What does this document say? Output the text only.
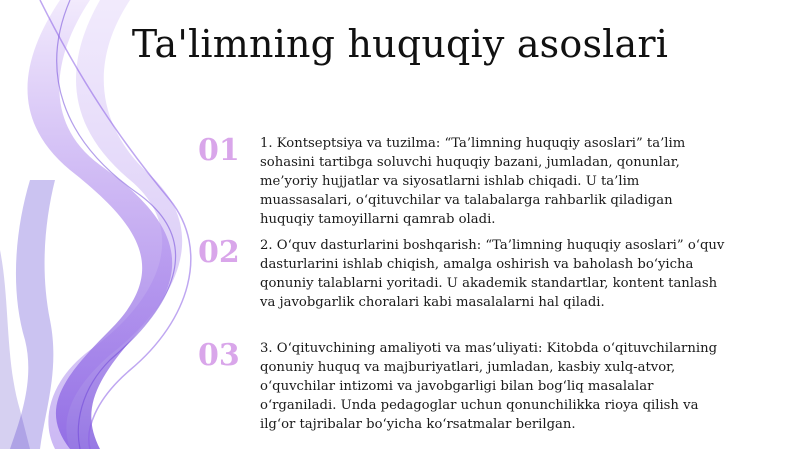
Ta'limning huquqiy asoslari
01	1. Kontseptsiya va tuzilma: “Ta’limning huquqiy asoslari” ta’lim sohasini tartibga soluvchi huquqiy bazani, jumladan, qonunlar, me’yoriy hujjatlar va siyosatlarni ishlab chiqadi. U ta’lim muassasalari, o‘qituvchilar va talabalarga rahbarlik qiladigan huquqiy tamoyillarni qamrab oladi.
02	2. O‘quv dasturlarini boshqarish: “Ta’limning huquqiy asoslari” o‘quv dasturlarini ishlab chiqish, amalga oshirish va baholash bo‘yicha qonuniy talablarni yoritadi. U akademik standartlar, kontent tanlash va javobgarlik choralari kabi masalalarni hal qiladi.
03	3. O‘qituvchining amaliyoti va mas’uliyati: Kitobda o‘qituvchilarning qonuniy huquq va majburiyatlari, jumladan, kasbiy xulq-atvor, o‘quvchilar intizomi va javobgarligi bilan bog‘liq masalalar o‘rganiladi. Unda pedagoglar uchun qonunchilikka rioya qilish va ilg‘or tajribalar bo‘yicha ko‘rsatmalar berilgan.
